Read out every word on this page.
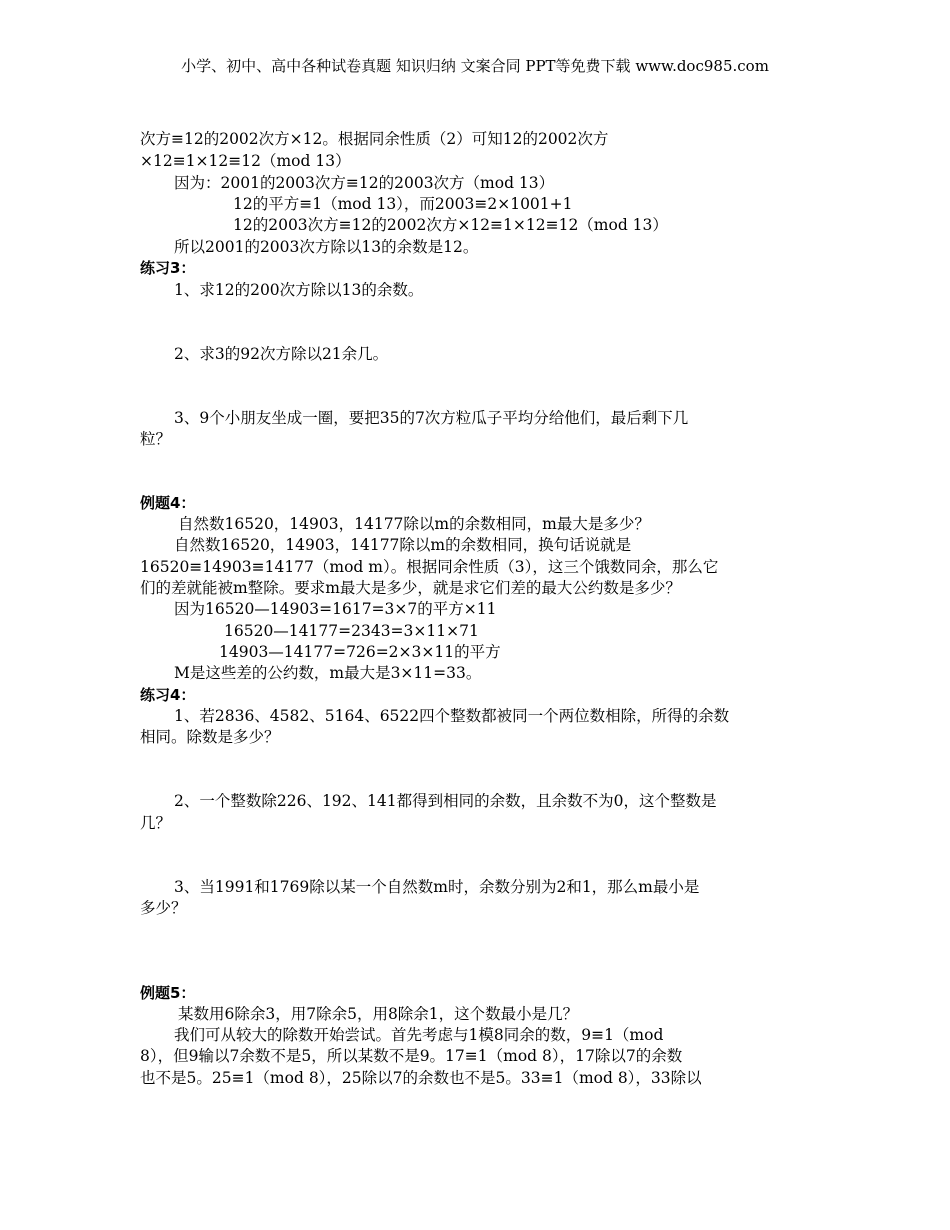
小学、初中、高中各种试卷真题 知识归纳 文案合同 PPT等免费下载 www.doc985.com
次方≡12的2002次方×12。根据同余性质（2）可知12的2002次方
×12≡1×12≡12（mod 13）
因为：2001的2003次方≡12的2003次方（mod 13）
12的平方≡1（mod 13），而2003≡2×1001+1
12的2003次方≡12的2002次方×12≡1×12≡12（mod 13）
所以2001的2003次方除以13的余数是12。
练习3：
1、求12的200次方除以13的余数。
2、求3的92次方除以21余几。
3、9个小朋友坐成一圈，要把35的7次方粒瓜子平均分给他们，最后剩下几
粒？
例题4：
自然数16520，14903，14177除以m的余数相同，m最大是多少？
自然数16520，14903，14177除以m的余数相同，换句话说就是
16520≡14903≡14177（mod m）。根据同余性质（3），这三个饿数同余，那么它
们的差就能被m整除。要求m最大是多少，就是求它们差的最大公约数是多少？
因为16520—14903=1617=3×7的平方×11
16520—14177=2343=3×11×71
14903—14177=726=2×3×11的平方
M是这些差的公约数，m最大是3×11=33。
练习4：
1、若2836、4582、5164、6522四个整数都被同一个两位数相除，所得的余数
相同。除数是多少？
2、一个整数除226、192、141都得到相同的余数，且余数不为0，这个整数是
几？
3、当1991和1769除以某一个自然数m时，余数分别为2和1，那么m最小是
多少？
例题5：
某数用6除余3，用7除余5，用8除余1，这个数最小是几？
我们可从较大的除数开始尝试。首先考虑与1模8同余的数，9≡1（mod
8），但9输以7余数不是5，所以某数不是9。17≡1（mod 8），17除以7的余数
也不是5。25≡1（mod 8），25除以7的余数也不是5。33≡1（mod 8），33除以
